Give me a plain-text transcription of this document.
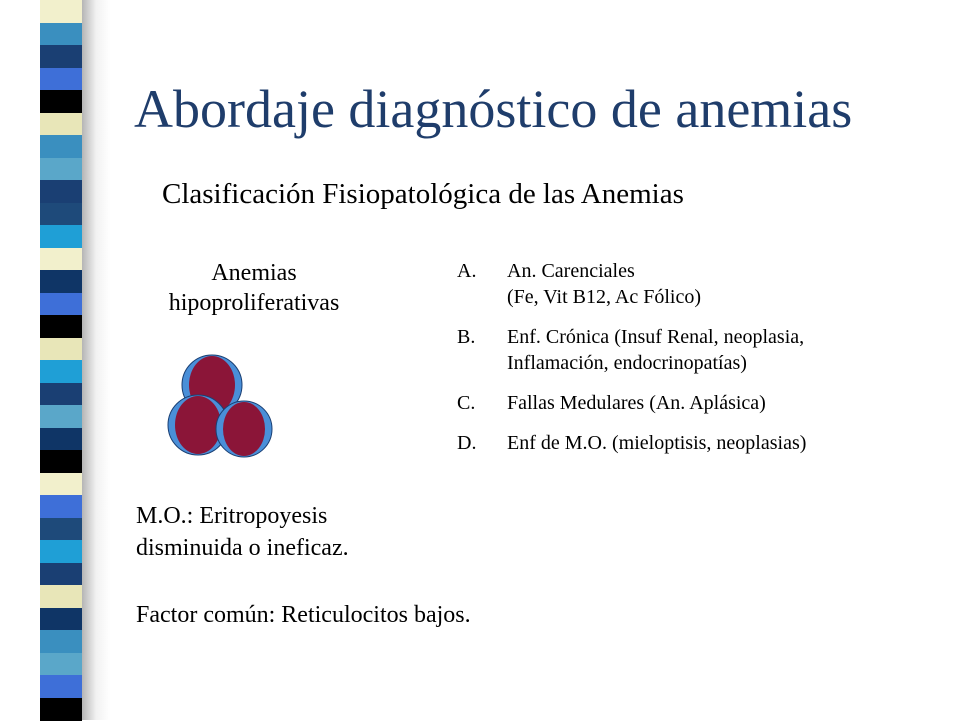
Abordaje diagnóstico de anemias
Clasificación Fisiopatológica de las Anemias
Anemias
hipoproliferativas
M.O.: Eritropoyesis
disminuida o ineficaz.
Factor común: Reticulocitos bajos.
A.	An. Carenciales
(Fe, Vit B12, Ac Fólico)
B.	Enf. Crónica (Insuf Renal, neoplasia,
Inflamación, endocrinopatías)
C.	Fallas Medulares (An. Aplásica)
D.	Enf de M.O. (mieloptisis, neoplasias)
